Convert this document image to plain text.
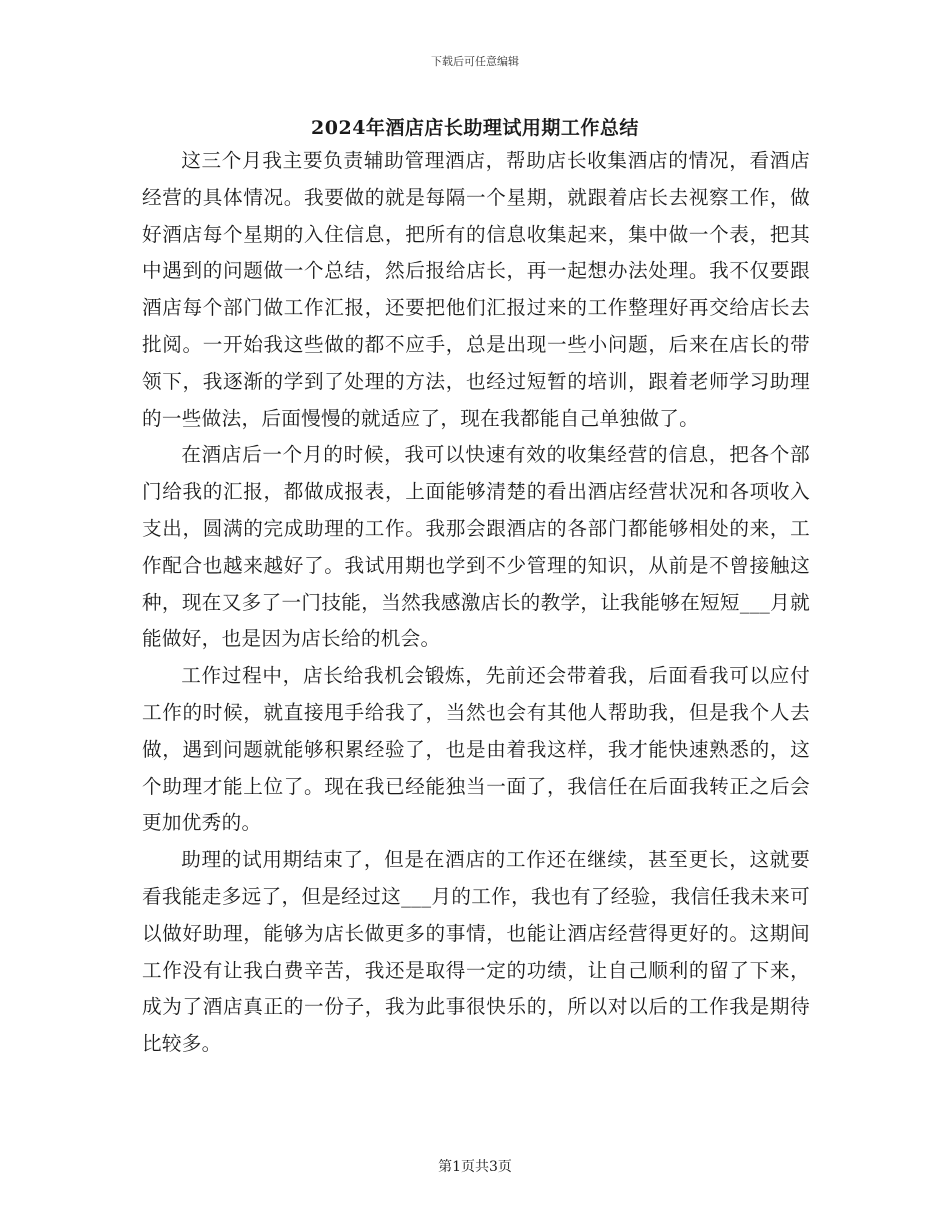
下载后可任意编辑
2024年酒店店长助理试用期工作总结

这三个月我主要负责辅助管理酒店，帮助店长收集酒店的情况，看酒店经营的具体情况。我要做的就是每隔一个星期，就跟着店长去视察工作，做好酒店每个星期的入住信息，把所有的信息收集起来，集中做一个表，把其中遇到的问题做一个总结，然后报给店长，再一起想办法处理。我不仅要跟酒店每个部门做工作汇报，还要把他们汇报过来的工作整理好再交给店长去批阅。一开始我这些做的都不应手，总是出现一些小问题，后来在店长的带领下，我逐渐的学到了处理的方法，也经过短暂的培训，跟着老师学习助理的一些做法，后面慢慢的就适应了，现在我都能自己单独做了。

在酒店后一个月的时候，我可以快速有效的收集经营的信息，把各个部门给我的汇报，都做成报表，上面能够清楚的看出酒店经营状况和各项收入支出，圆满的完成助理的工作。我那会跟酒店的各部门都能够相处的来，工作配合也越来越好了。我试用期也学到不少管理的知识，从前是不曾接触这种，现在又多了一门技能，当然我感激店长的教学，让我能够在短短___月就能做好，也是因为店长给的机会。

工作过程中，店长给我机会锻炼，先前还会带着我，后面看我可以应付工作的时候，就直接甩手给我了，当然也会有其他人帮助我，但是我个人去做，遇到问题就能够积累经验了，也是由着我这样，我才能快速熟悉的，这个助理才能上位了。现在我已经能独当一面了，我信任在后面我转正之后会更加优秀的。

助理的试用期结束了，但是在酒店的工作还在继续，甚至更长，这就要看我能走多远了，但是经过这___月的工作，我也有了经验，我信任我未来可以做好助理，能够为店长做更多的事情，也能让酒店经营得更好的。这期间工作没有让我白费辛苦，我还是取得一定的功绩，让自己顺利的留了下来，成为了酒店真正的一份子，我为此事很快乐的，所以对以后的工作我是期待比较多。

第1页共3页
